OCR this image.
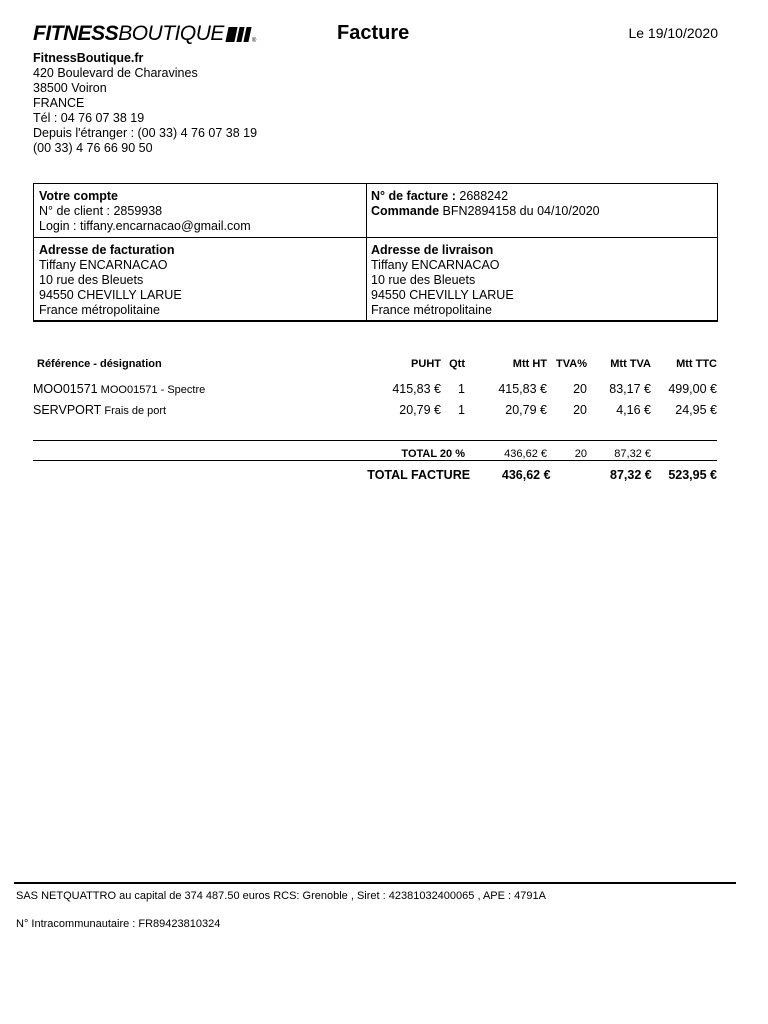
FITNESSBOUTIQUE	®	Facture	Le 19/10/2020
FitnessBoutique.fr
420 Boulevard de Charavines
38500 Voiron
FRANCE
Tél : 04 76 07 38 19
Depuis l'étranger : (00 33) 4 76 07 38 19
(00 33) 4 76 66 90 50
Votre compte
N° de client : 2859938
Login : tiffany.encarnacao@gmail.com
N° de facture : 2688242
Commande BFN2894158 du 04/10/2020
Adresse de facturation
Tiffany ENCARNACAO
10 rue des Bleuets
94550 CHEVILLY LARUE
France métropolitaine
Adresse de livraison
Tiffany ENCARNACAO
10 rue des Bleuets
94550 CHEVILLY LARUE
France métropolitaine
Référence - désignation	PUHT	Qtt	Mtt HT	TVA%	Mtt TVA	Mtt TTC

MOO01571 MOO01571 - Spectre	415,83 €	1	415,83 €	20	83,17 €	499,00 €
SERVPORT Frais de port	20,79 €	1	20,79 €	20	4,16 €	24,95 €
	TOTAL 20 %	436,62 €	20	87,32 €	
	TOTAL FACTURE	436,62 €		87,32 €	523,95 €
SAS NETQUATTRO au capital de 374 487.50 euros RCS: Grenoble , Siret : 42381032400065 , APE : 4791A
N° Intracommunautaire : FR89423810324
